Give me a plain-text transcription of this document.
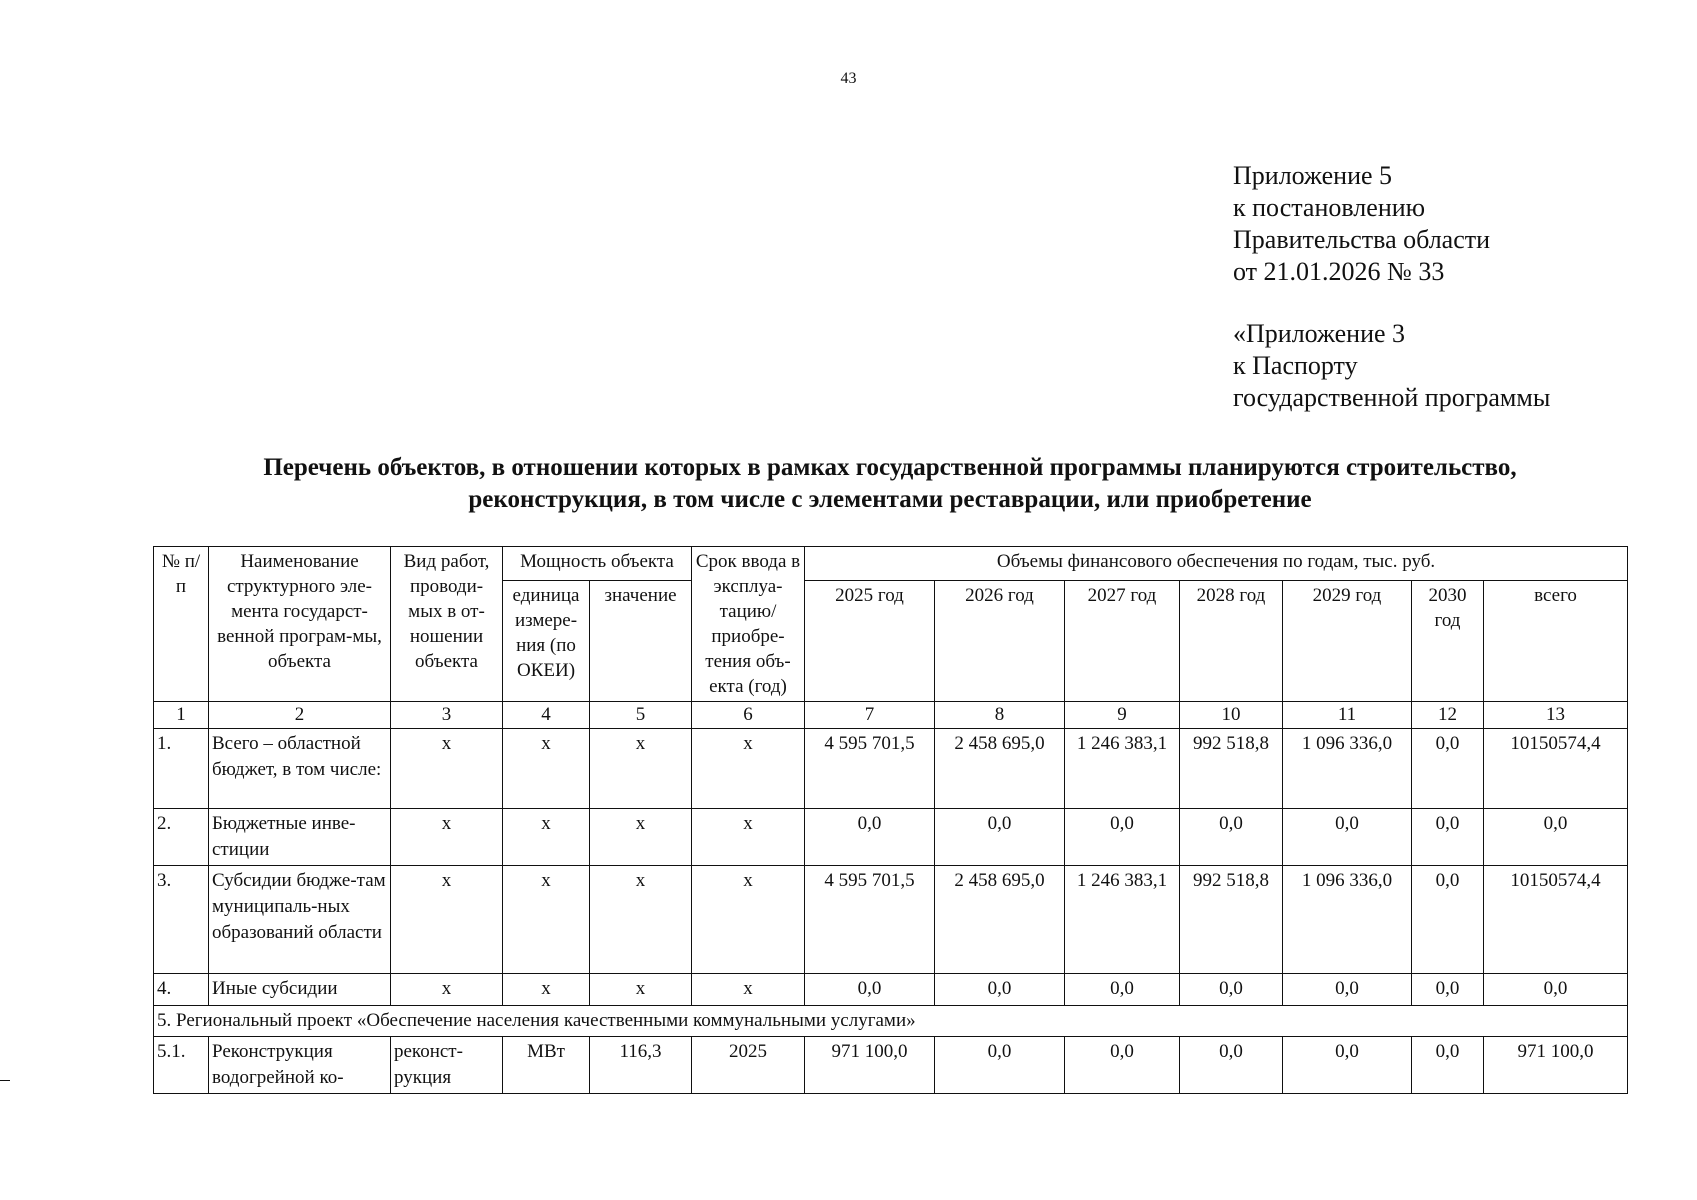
43
Приложение 5
к постановлению
Правительства области
от 21.01.2026 № 33
«Приложение 3
к Паспорту
государственной программы
Перечень объектов, в отношении которых в рамках государственной программы планируются строительство,
реконструкция, в том числе с элементами реставрации, или приобретение
№ п/п	Наименование структурного эле-мента государст-венной програм-мы, объекта	Вид работ, проводи-мых в от-ношении объекта	Мощность объекта		Срок ввода в эксплуа-тацию/ приобре-тения объ-екта (год)	Объемы финансового обеспечения по годам, тыс. руб.						
			единица измере-ния (по ОКЕИ)	значение		2025 год	2026 год	2027 год	2028 год	2029 год	2030 год	всего
1	2	3	4	5	6	7	8	9	10	11	12	13
1.	Всего – областной бюджет, в том числе:	х	х	х	х	4 595 701,5	2 458 695,0	1 246 383,1	992 518,8	1 096 336,0	0,0	10150574,4
2.	Бюджетные инве-стиции	х	х	х	х	0,0	0,0	0,0	0,0	0,0	0,0	0,0
3.	Субсидии бюдже-там муниципаль-ных образований области	х	х	х	х	4 595 701,5	2 458 695,0	1 246 383,1	992 518,8	1 096 336,0	0,0	10150574,4
4.	Иные субсидии	х	х	х	х	0,0	0,0	0,0	0,0	0,0	0,0	0,0
5. Региональный проект «Обеспечение населения качественными коммунальными услугами»												
5.1.	Реконструкция водогрейной ко-	реконст-рукция	МВт	116,3	2025	971 100,0	0,0	0,0	0,0	0,0	0,0	971 100,0
